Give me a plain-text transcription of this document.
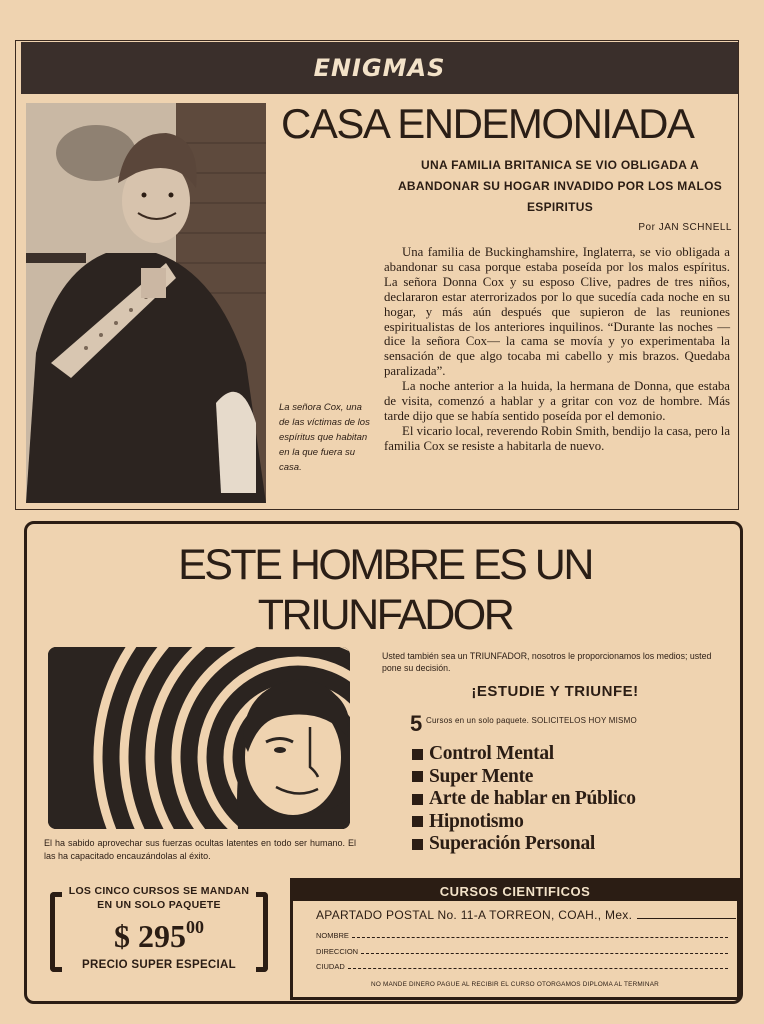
ENIGMAS
La señora Cox, una de las víctimas de los espíritus que habitan en la que fuera su casa.
CASA ENDEMONIADA
UNA FAMILIA BRITANICA SE VIO OBLIGADA A ABANDONAR SU HOGAR INVADIDO POR LOS MALOS ESPIRITUS
Por JAN SCHNELL

Una familia de Buckinghamshire, Inglaterra, se vio obligada a abandonar su casa porque estaba poseída por los malos espíritus. La señora Donna Cox y su esposo Clive, padres de tres niños, declararon estar aterrorizados por lo que sucedía cada noche en su hogar, y más aún después que supieron de las reuniones espiritualistas de los anteriores inquilinos. “Durante las noches —dice la señora Cox— la cama se movía y yo experimentaba la sensación de que algo tocaba mi cabello y mis brazos. Quedaba paralizada”.

La noche anterior a la huida, la hermana de Donna, que estaba de visita, comenzó a hablar y a gritar con voz de hombre. Más tarde dijo que se había sentido poseída por el demonio.

El vicario local, reverendo Robin Smith, bendijo la casa, pero la familia Cox se resiste a habitarla de nuevo.

ESTE HOMBRE ES UN
TRIUNFADOR
El ha sabido aprovechar sus fuerzas ocultas latentes en todo ser humano. El las ha capacitado encauzándolas al éxito.
Usted también sea un TRIUNFADOR, nosotros le proporcionamos los medios; usted pone su decisión.
¡ESTUDIE Y TRIUNFE!
5 Cursos en un solo paquete. SOLICITELOS HOY MISMO
Control Mental
Super Mente
Arte de hablar en Público
Hipnotismo
Superación Personal
LOS CINCO CURSOS SE MANDAN
EN UN SOLO PAQUETE
$ $295^{00}$
PRECIO SUPER ESPECIAL
CURSOS CIENTIFICOS
APARTADO POSTAL No. 11-A TORREON, COAH., Mex.
NOMBRE
DIRECCION
CIUDAD
NO MANDE DINERO PAGUE AL RECIBIR EL CURSO OTORGAMOS DIPLOMA AL TERMINAR
